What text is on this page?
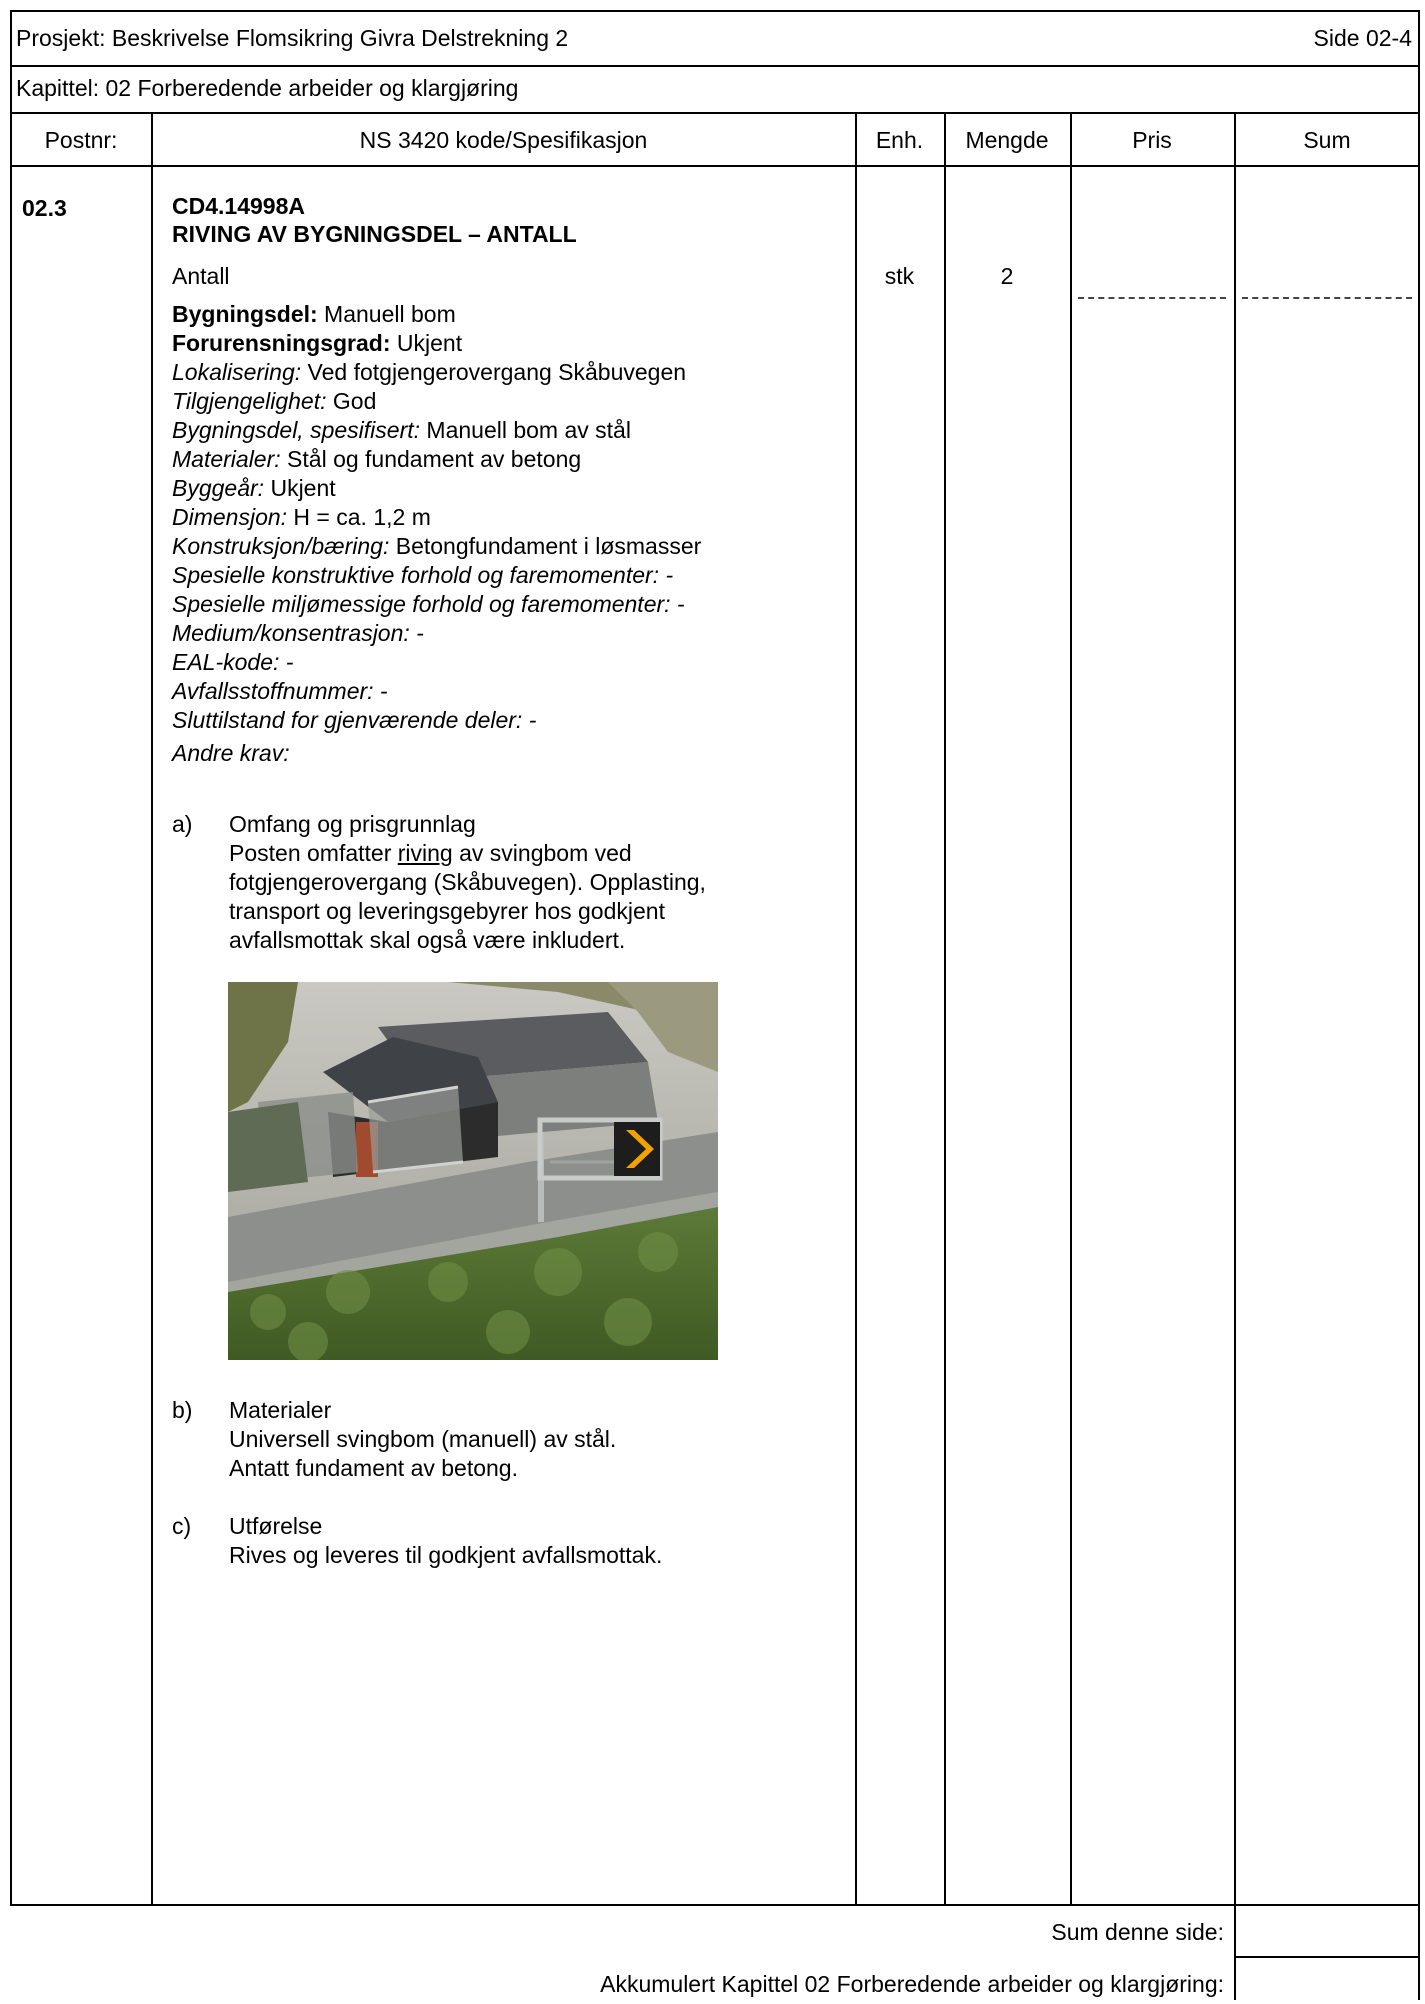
Prosjekt: Beskrivelse Flomsikring Givra Delstrekning 2	Side 02-4
Kapittel: 02 Forberedende arbeider og klargjøring
Postnr:	NS 3420 kode/Spesifikasjon	Enh.	Mengde	Pris	Sum
02.3	CD4.14998A
RIVING AV BYGNINGSDEL – ANTALL
Antall	stk	2
Bygningsdel: Manuell bom
Forurensningsgrad: Ukjent
Lokalisering: Ved fotgjengerovergang Skåbuvegen
Tilgjengelighet: God
Bygningsdel, spesifisert: Manuell bom av stål
Materialer: Stål og fundament av betong
Byggeår: Ukjent
Dimensjon: H = ca. 1,2 m
Konstruksjon/bæring: Betongfundament i løsmasser
Spesielle konstruktive forhold og faremomenter: -
Spesielle miljømessige forhold og faremomenter: -
Medium/konsentrasjon: -
EAL-kode: -
Avfallsstoffnummer: -
Sluttilstand for gjenværende deler: -
Andre krav:
a) Omfang og prisgrunnlag
Posten omfatter riving av svingbom ved
fotgjengerovergang (Skåbuvegen). Opplasting,
transport og leveringsgebyrer hos godkjent
avfallsmottak skal også være inkludert.
b) Materialer
Universell svingbom (manuell) av stål.
Antatt fundament av betong.
c) Utførelse
Rives og leveres til godkjent avfallsmottak.
Sum denne side:
Akkumulert Kapittel 02 Forberedende arbeider og klargjøring:
